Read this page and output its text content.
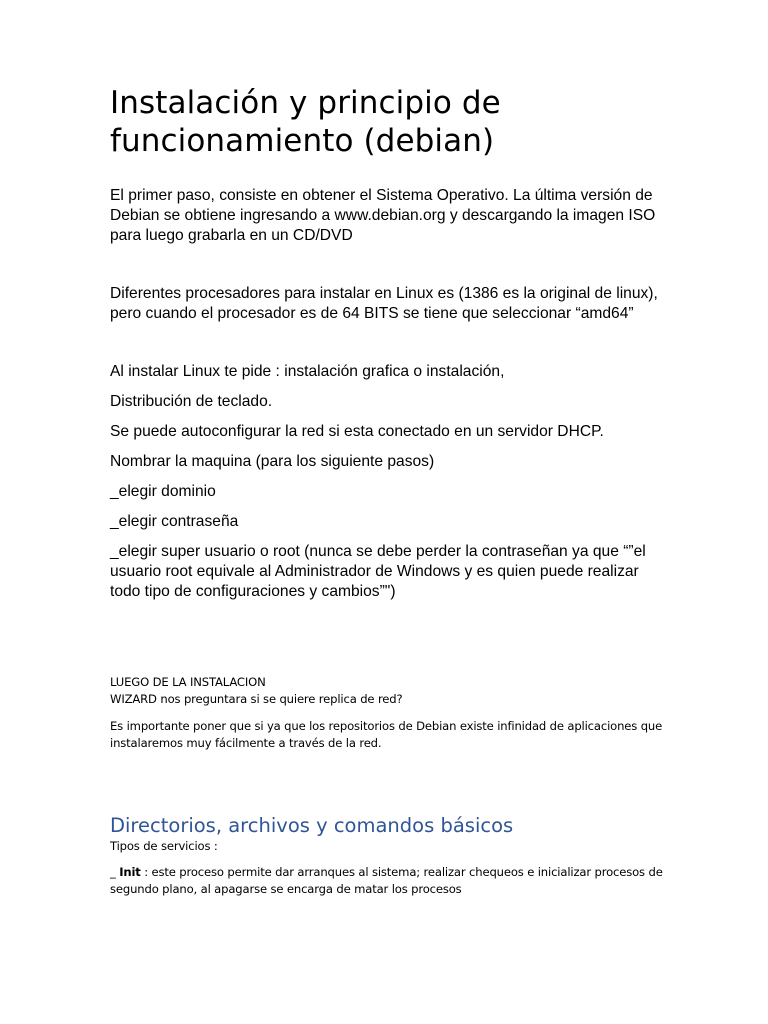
Instalación y principio de funcionamiento (debian)

El primer paso, consiste en obtener el Sistema Operativo. La última versión de Debian se obtiene ingresando a www.debian.org y descargando la imagen ISO para luego grabarla en un CD/DVD

Diferentes procesadores para instalar en Linux es (1386 es la original de linux), pero cuando el procesador es de 64 BITS se tiene que seleccionar “amd64”

Al instalar Linux te pide : instalación grafica o instalación,

Distribución de teclado.

Se puede autoconfigurar la red si esta conectado en un servidor DHCP.

Nombrar la maquina (para los siguiente pasos)

_elegir dominio

_elegir contraseña

_elegir super usuario o root (nunca se debe perder la contraseñan ya que “”el usuario root equivale al Administrador de Windows y es quien puede realizar todo tipo de configuraciones y cambios”")

LUEGO DE LA INSTALACION

WIZARD nos preguntara si se quiere replica de red?

Es importante poner que si ya que los repositorios de Debian existe infinidad de aplicaciones que instalaremos muy fácilmente a través de la red.

Directorios, archivos y comandos básicos

Tipos de servicios :

_ Init : este proceso permite dar arranques al sistema; realizar chequeos e inicializar procesos de segundo plano, al apagarse se encarga de matar los procesos
